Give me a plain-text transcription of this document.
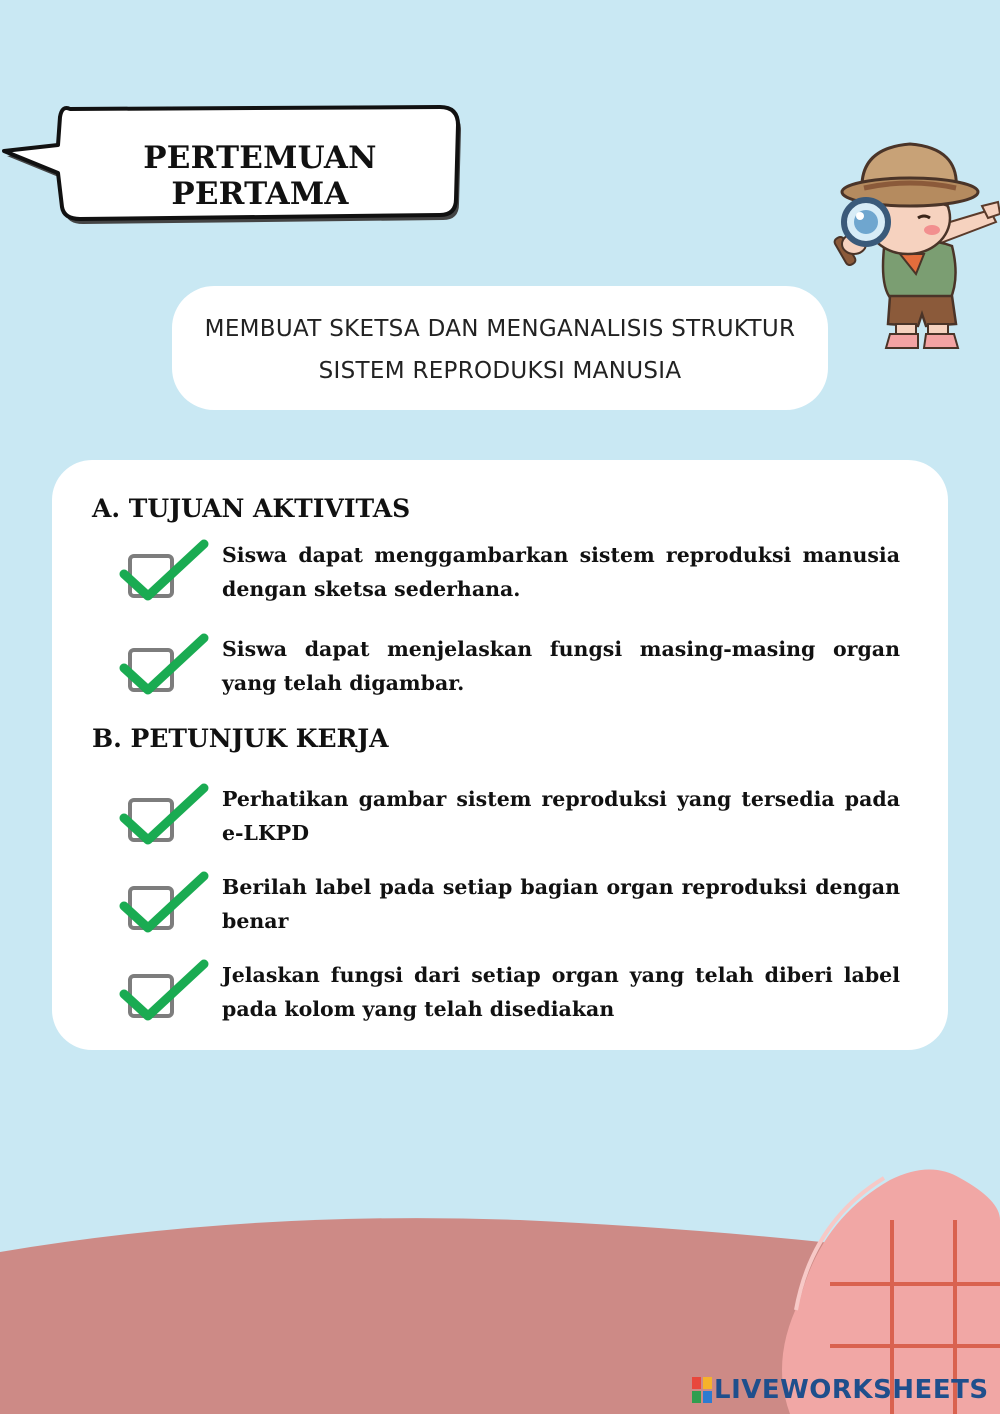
PERTEMUAN PERTAMA
MEMBUAT SKETSA DAN MENGANALISIS STRUKTUR
SISTEM REPRODUKSI MANUSIA
A. TUJUAN AKTIVITAS
Siswa dapat menggambarkan sistem reproduksi manusia dengan sketsa sederhana.
Siswa dapat menjelaskan fungsi masing-masing organ yang telah digambar.
B. PETUNJUK KERJA
Perhatikan gambar sistem reproduksi yang tersedia pada e-LKPD
Berilah label pada setiap bagian organ reproduksi dengan benar
Jelaskan fungsi dari setiap organ yang telah diberi label pada kolom yang telah disediakan
LIVEWORKSHEETS
